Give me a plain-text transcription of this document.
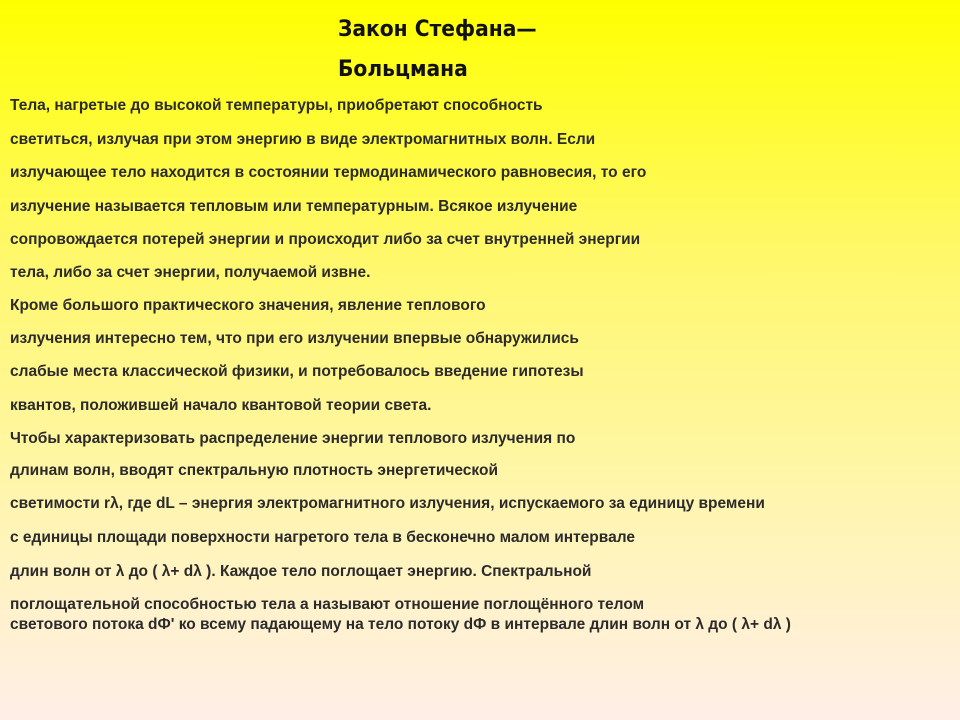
Закон Стефана—
Больцмана

Тела, нагретые до высокой температуры, приобретают способность

светиться, излучая при этом энергию в виде электромагнитных волн. Если

излучающее тело находится в состоянии термодинамического равновесия, то его

излучение называется тепловым или температурным. Всякое излучение

сопровождается потерей энергии и происходит либо за счет внутренней энергии

тела, либо за счет энергии, получаемой извне.

Кроме большого практического значения, явление теплового

излучения интересно тем, что при его излучении впервые обнаружились

слабые места классической физики, и потребовалось введение гипотезы

квантов, положившей начало квантовой теории света.

Чтобы характеризовать распределение энергии теплового излучения по

длинам волн, вводят спектральную плотность энергетической

светимости rλ, где dL – энергия электромагнитного излучения, испускаемого за единицу времени

с единицы площади поверхности нагретого тела в бесконечно малом интервале

длин волн от λ до ( λ+ dλ ). Каждое тело поглощает энергию. Спектральной

поглощательной способностью тела а называют отношение поглощённого телом

светового потока dФ' ко всему падающему на тело потоку dФ в интервале длин волн от λ до ( λ+ dλ )
